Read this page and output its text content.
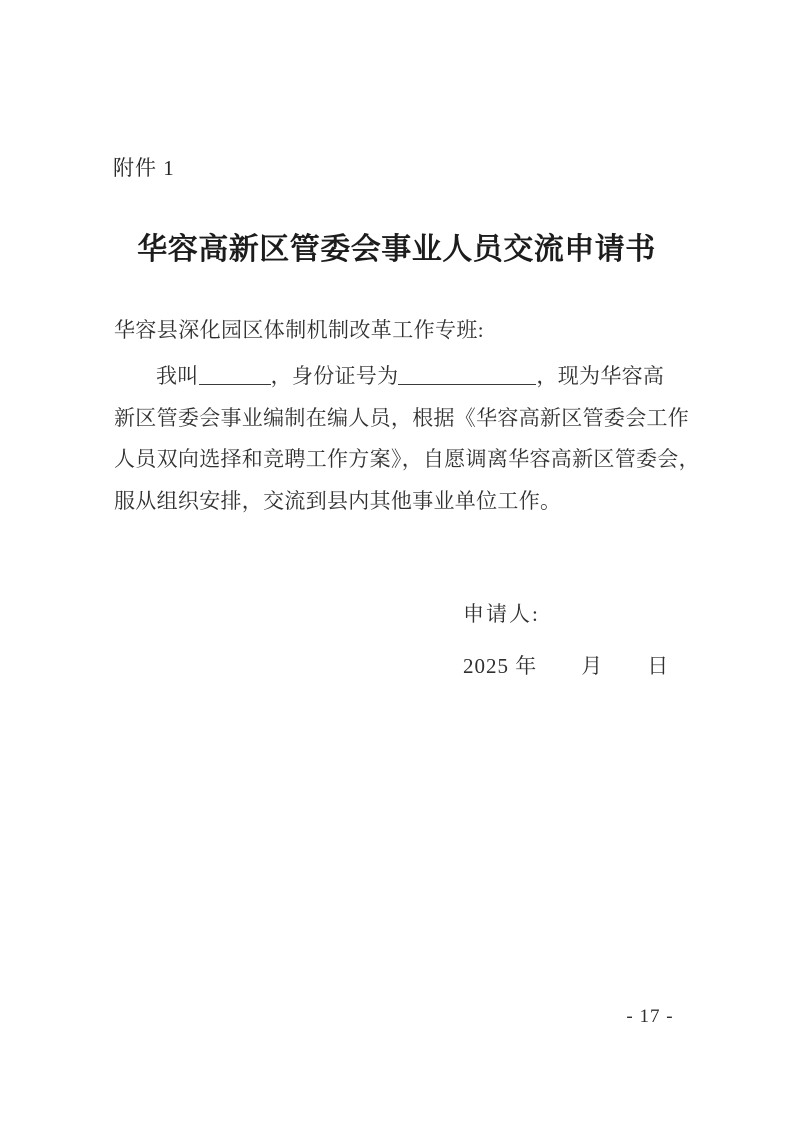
附件 1
华容高新区管委会事业人员交流申请书
华容县深化园区体制机制改革工作专班:
我叫	，身份证号为	，现为华容高
新区管委会事业编制在编人员，根据《华容高新区管委会工作
人员双向选择和竞聘工作方案》，自愿调离华容高新区管委会，
服从组织安排，交流到县内其他事业单位工作。
申请人:
2025 年　　月　　日
- 17 -
